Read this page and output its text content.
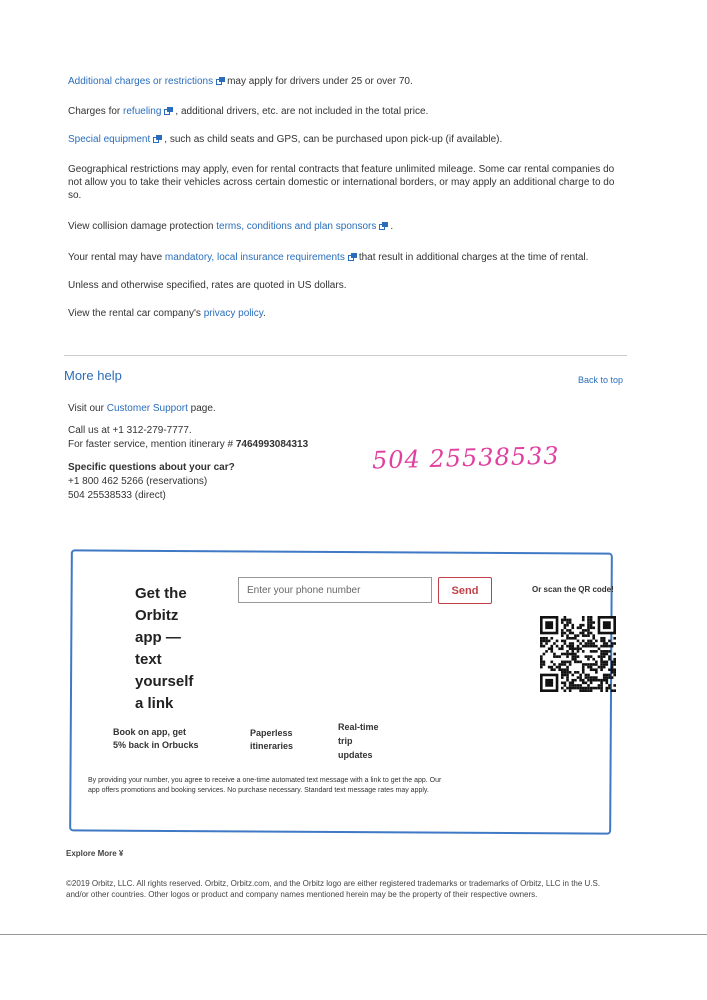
Additional charges or restrictions may apply for drivers under 25 or over 70.
Charges for refueling , additional drivers, etc. are not included in the total price.
Special equipment , such as child seats and GPS, can be purchased upon pick-up (if available).
Geographical restrictions may apply, even for rental contracts that feature unlimited mileage. Some car rental companies do not allow you to take their vehicles across certain domestic or international borders, or may apply an additional charge to do so.
View collision damage protection terms, conditions and plan sponsors .
Your rental may have mandatory, local insurance requirements that result in additional charges at the time of rental.
Unless and otherwise specified, rates are quoted in US dollars.
View the rental car company's privacy policy.
More help	Back to top
Visit our Customer Support page.
Call us at +1 312-279-7777.
For faster service, mention itinerary # 7464993084313
Specific questions about your car?
+1 800 462 5266 (reservations)
504 25538533 (direct)
504 25538533
Get the
Orbitz
app —
text
yourself
a link
Enter your phone number
Send	Or scan the QR code!
Book on app, get
5% back in Orbucks
Paperless
itineraries
Real-time
trip
updates
By providing your number, you agree to receive a one-time automated text message with a link to get the app. Our app offers promotions and booking services. No purchase necessary. Standard text message rates may apply.
Explore More ¥
©2019 Orbitz, LLC. All rights reserved. Orbitz, Orbitz.com, and the Orbitz logo are either registered trademarks or trademarks of Orbitz, LLC in the U.S. and/or other countries. Other logos or product and company names mentioned herein may be the property of their respective owners.
